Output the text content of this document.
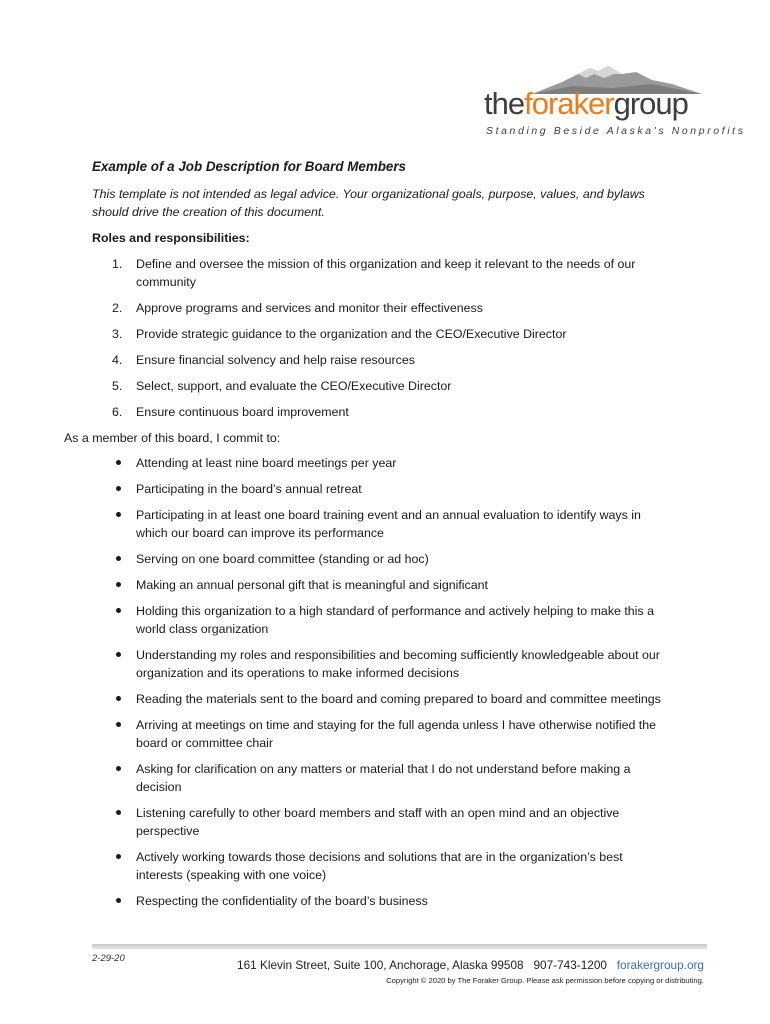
theforakergroup
Standing Beside Alaska's Nonprofits
Example of a Job Description for Board Members
This template is not intended as legal advice. Your organizational goals, purpose, values, and bylaws should drive the creation of this document.
Roles and responsibilities:
1. Define and oversee the mission of this organization and keep it relevant to the needs of our community
2. Approve programs and services and monitor their effectiveness
3. Provide strategic guidance to the organization and the CEO/Executive Director
4. Ensure financial solvency and help raise resources
5. Select, support, and evaluate the CEO/Executive Director
6. Ensure continuous board improvement
As a member of this board, I commit to:
Attending at least nine board meetings per year
Participating in the board’s annual retreat
Participating in at least one board training event and an annual evaluation to identify ways in which our board can improve its performance
Serving on one board committee (standing or ad hoc)
Making an annual personal gift that is meaningful and significant
Holding this organization to a high standard of performance and actively helping to make this a world class organization
Understanding my roles and responsibilities and becoming sufficiently knowledgeable about our organization and its operations to make informed decisions
Reading the materials sent to the board and coming prepared to board and committee meetings
Arriving at meetings on time and staying for the full agenda unless I have otherwise notified the board or committee chair
Asking for clarification on any matters or material that I do not understand before making a decision
Listening carefully to other board members and staff with an open mind and an objective perspective
Actively working towards those decisions and solutions that are in the organization’s best interests (speaking with one voice)
Respecting the confidentiality of the board’s business
2-29-20	161 Klevin Street, Suite 100, Anchorage, Alaska 99508 907-743-1200 forakergroup.org
Copyright © 2020 by The Foraker Group. Please ask permission before copying or distributing.
